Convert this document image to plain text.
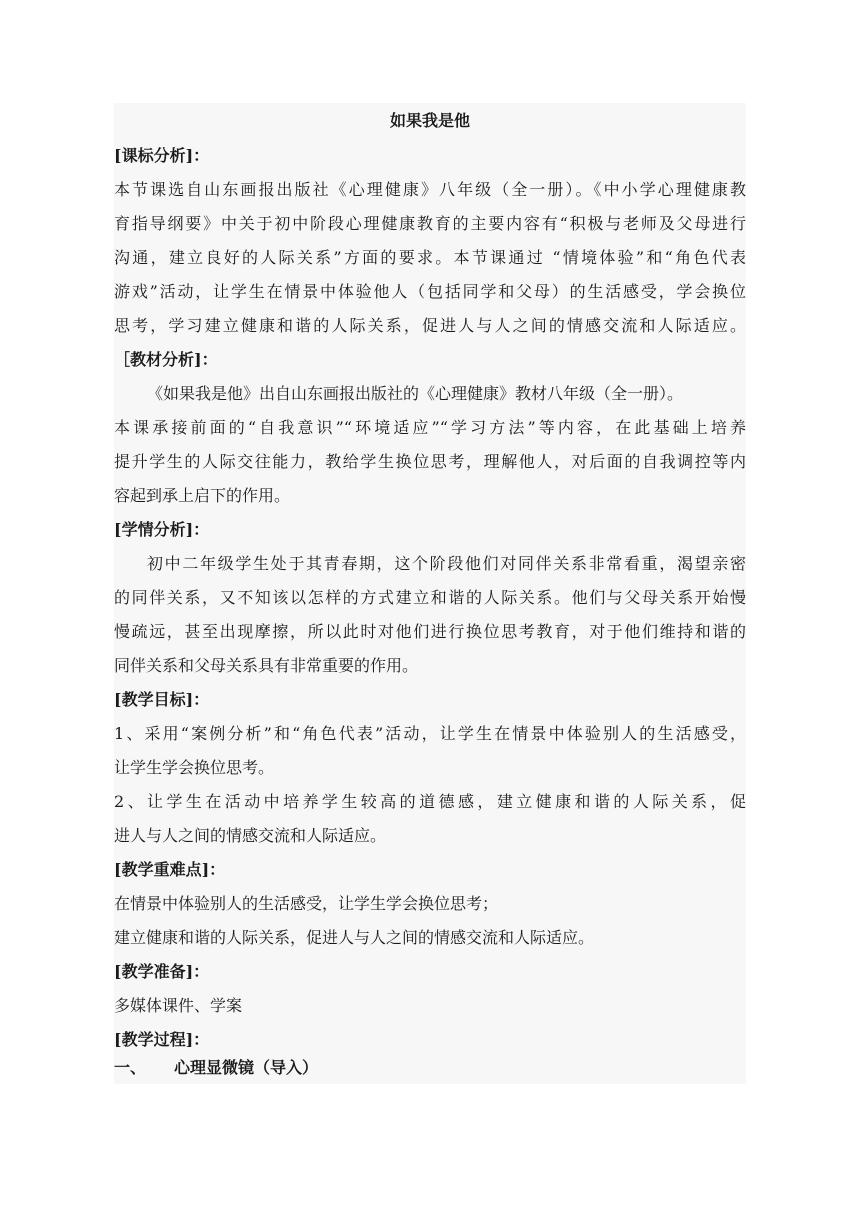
如果我是他
[课标分析]：
本节课选自山东画报出版社《心理健康》八年级（全一册）。《中小学心理健康教
育指导纲要》中关于初中阶段心理健康教育的主要内容有“积极与老师及父母进行
沟通，建立良好的人际关系”方面的要求。本节课通过 “情境体验”和“角色代表
游戏”活动，让学生在情景中体验他人（包括同学和父母）的生活感受，学会换位
思考，学习建立健康和谐的人际关系，促进人与人之间的情感交流和人际适应。
［教材分析]：
《如果我是他》出自山东画报出版社的《心理健康》教材八年级（全一册）。
本课承接前面的“自我意识”“环境适应”“学习方法”等内容，在此基础上培养
提升学生的人际交往能力，教给学生换位思考，理解他人，对后面的自我调控等内
容起到承上启下的作用。
[学情分析]：
初中二年级学生处于其青春期，这个阶段他们对同伴关系非常看重，渴望亲密
的同伴关系，又不知该以怎样的方式建立和谐的人际关系。他们与父母关系开始慢
慢疏远，甚至出现摩擦，所以此时对他们进行换位思考教育，对于他们维持和谐的
同伴关系和父母关系具有非常重要的作用。
[教学目标]：
1、采用“案例分析”和“角色代表”活动，让学生在情景中体验别人的生活感受，
让学生学会换位思考。
2、让学生在活动中培养学生较高的道德感，建立健康和谐的人际关系，促
进人与人之间的情感交流和人际适应。
[教学重难点]：
在情景中体验别人的生活感受，让学生学会换位思考；
建立健康和谐的人际关系，促进人与人之间的情感交流和人际适应。
[教学准备]：
多媒体课件、学案
[教学过程]：
一、 心理显微镜（导入）
